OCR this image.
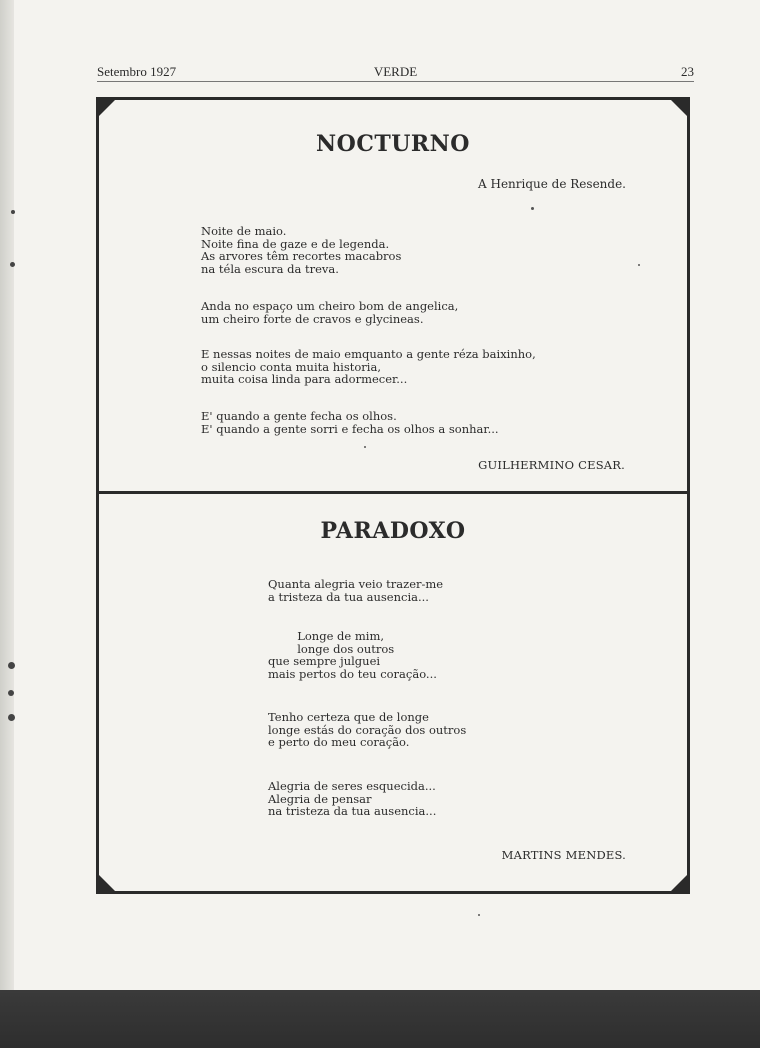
Setembro 1927	VERDE	23
NOCTURNO
A Henrique de Resende.
Noite de maio.
Noite fina de gaze e de legenda.
As arvores têm recortes macabros
na téla escura da treva.
Anda no espaço um cheiro bom de angelica,
um cheiro forte de cravos e glycineas.
E nessas noites de maio emquanto a gente réza baixinho,
o silencio conta muita historia,
muita coisa linda para adormecer...
E' quando a gente fecha os olhos.
E' quando a gente sorri e fecha os olhos a sonhar...
GUILHERMINO CESAR.
PARADOXO
Quanta alegria veio trazer-me
a tristeza da tua ausencia...
Longe de mim,
longe dos outros
que sempre julguei
mais pertos do teu coração...
Tenho certeza que de longe
longe estás do coração dos outros
e perto do meu coração.
Alegria de seres esquecida...
Alegria de pensar
na tristeza da tua ausencia...
MARTINS MENDES.
